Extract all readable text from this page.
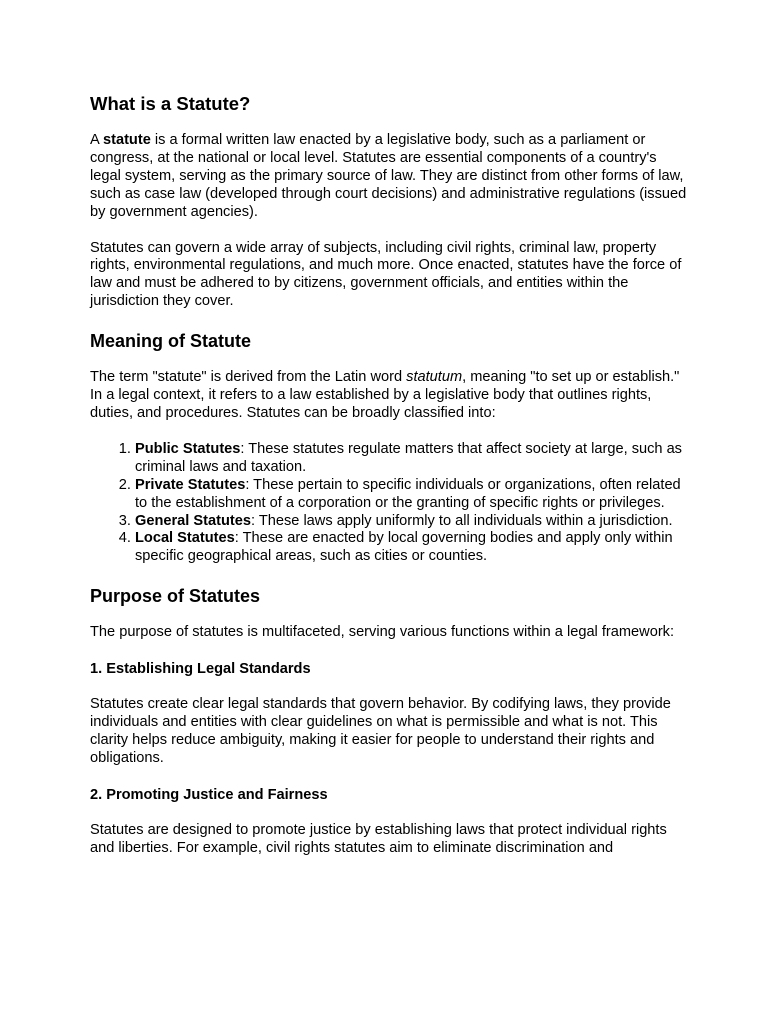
What is a Statute?

A statute is a formal written law enacted by a legislative body, such as a parliament or congress, at the national or local level. Statutes are essential components of a country's legal system, serving as the primary source of law. They are distinct from other forms of law, such as case law (developed through court decisions) and administrative regulations (issued by government agencies).

Statutes can govern a wide array of subjects, including civil rights, criminal law, property rights, environmental regulations, and much more. Once enacted, statutes have the force of law and must be adhered to by citizens, government officials, and entities within the jurisdiction they cover.

Meaning of Statute

The term "statute" is derived from the Latin word statutum, meaning "to set up or establish." In a legal context, it refers to a law established by a legislative body that outlines rights, duties, and procedures. Statutes can be broadly classified into:

1. Public Statutes: These statutes regulate matters that affect society at large, such as criminal laws and taxation.
2. Private Statutes: These pertain to specific individuals or organizations, often related to the establishment of a corporation or the granting of specific rights or privileges.
3. General Statutes: These laws apply uniformly to all individuals within a jurisdiction.
4. Local Statutes: These are enacted by local governing bodies and apply only within specific geographical areas, such as cities or counties.
Purpose of Statutes

The purpose of statutes is multifaceted, serving various functions within a legal framework:

1. Establishing Legal Standards

Statutes create clear legal standards that govern behavior. By codifying laws, they provide individuals and entities with clear guidelines on what is permissible and what is not. This clarity helps reduce ambiguity, making it easier for people to understand their rights and obligations.

2. Promoting Justice and Fairness

Statutes are designed to promote justice by establishing laws that protect individual rights and liberties. For example, civil rights statutes aim to eliminate discrimination and
